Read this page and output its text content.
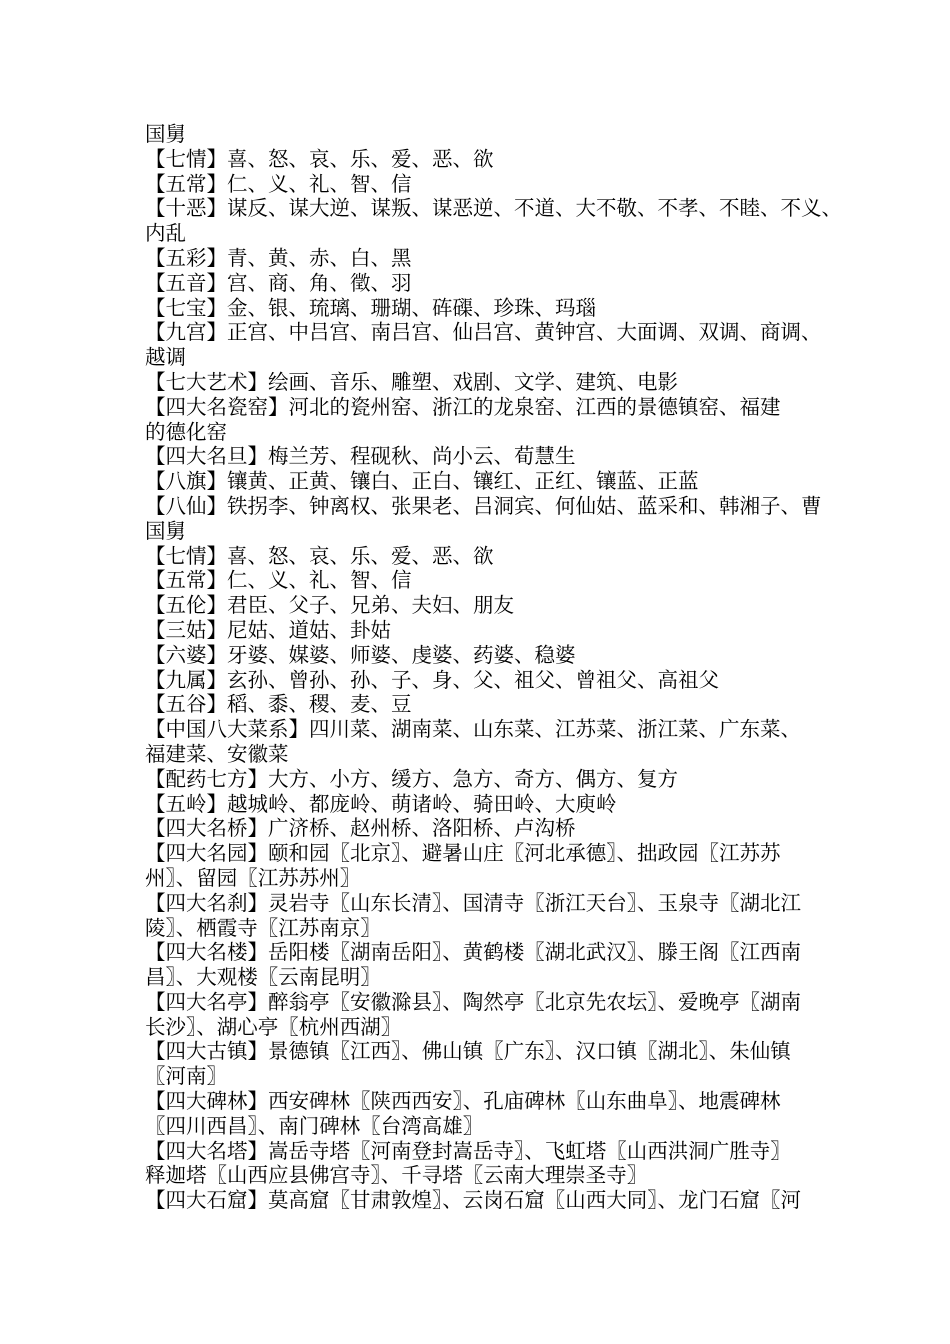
国舅

【七情】喜、怒、哀、乐、爱、恶、欲

【五常】仁、义、礼、智、信

【十恶】谋反、谋大逆、谋叛、谋恶逆、不道、大不敬、不孝、不睦、不义、

内乱

【五彩】青、黄、赤、白、黑

【五音】宫、商、角、徵、羽

【七宝】金、银、琉璃、珊瑚、砗磲、珍珠、玛瑙

【九宫】正宫、中吕宫、南吕宫、仙吕宫、黄钟宫、大面调、双调、商调、

越调

【七大艺术】绘画、音乐、雕塑、戏剧、文学、建筑、电影

【四大名瓷窑】河北的瓷州窑、浙江的龙泉窑、江西的景德镇窑、福建

的德化窑

【四大名旦】梅兰芳、程砚秋、尚小云、荀慧生

【八旗】镶黄、正黄、镶白、正白、镶红、正红、镶蓝、正蓝

【八仙】铁拐李、钟离权、张果老、吕洞宾、何仙姑、蓝采和、韩湘子、曹

国舅

【七情】喜、怒、哀、乐、爱、恶、欲

【五常】仁、义、礼、智、信

【五伦】君臣、父子、兄弟、夫妇、朋友

【三姑】尼姑、道姑、卦姑

【六婆】牙婆、媒婆、师婆、虔婆、药婆、稳婆

【九属】玄孙、曾孙、孙、子、身、父、祖父、曾祖父、高祖父

【五谷】稻、黍、稷、麦、豆

【中国八大菜系】四川菜、湖南菜、山东菜、江苏菜、浙江菜、广东菜、

福建菜、安徽菜

【配药七方】大方、小方、缓方、急方、奇方、偶方、复方

【五岭】越城岭、都庞岭、萌诸岭、骑田岭、大庾岭

【四大名桥】广济桥、赵州桥、洛阳桥、卢沟桥

【四大名园】颐和园〖北京〗、避暑山庄〖河北承德〗、拙政园〖江苏苏

州〗、留园〖江苏苏州〗

【四大名刹】灵岩寺〖山东长清〗、国清寺〖浙江天台〗、玉泉寺〖湖北江

陵〗、栖霞寺〖江苏南京〗

【四大名楼】岳阳楼〖湖南岳阳〗、黄鹤楼〖湖北武汉〗、滕王阁〖江西南

昌〗、大观楼〖云南昆明〗

【四大名亭】醉翁亭〖安徽滁县〗、陶然亭〖北京先农坛〗、爱晚亭〖湖南

长沙〗、湖心亭〖杭州西湖〗

【四大古镇】景德镇〖江西〗、佛山镇〖广东〗、汉口镇〖湖北〗、朱仙镇

〖河南〗

【四大碑林】西安碑林〖陕西西安〗、孔庙碑林〖山东曲阜〗、地震碑林

〖四川西昌〗、南门碑林〖台湾高雄〗

【四大名塔】嵩岳寺塔〖河南登封嵩岳寺〗、飞虹塔〖山西洪洞广胜寺〗

释迦塔〖山西应县佛宫寺〗、千寻塔〖云南大理崇圣寺〗

【四大石窟】莫高窟〖甘肃敦煌〗、云岗石窟〖山西大同〗、龙门石窟〖河
